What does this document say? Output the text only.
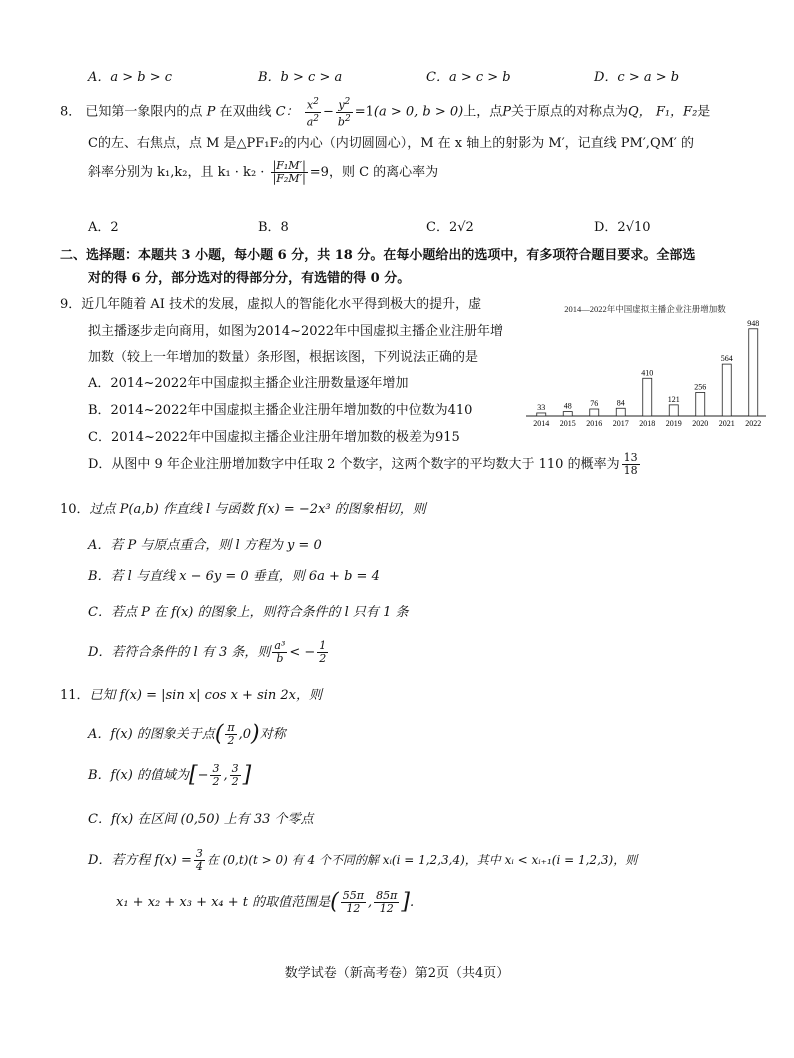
A．a > b > c	B．b > c > a	C．a > c > b	D．c > a > b
8． 已知第一象限内的点 P 在双曲线 C： $\frac{x^2}{a^2} - \frac{y^2}{b^2} =1(a > 0$, b > 0)上，点P关于原点的对称点为Q， F₁，F₂是
C的左、右焦点，点 M 是△PF₁F₂的内心（内切圆圆心），M 在 x 轴上的射影为 M′，记直线 PM′,QM′ 的
斜率分别为 k₁,k₂，且 $k_1 \cdot k_2 \cdot \frac{\text{|F₁M′|}}{\text{|F₂M′|}} =9$，则 C 的离心率为
A．2	B．8	C．2√2	D．2√10
二、选择题：本题共 3 小题，每小题 6 分，共 18 分。在每小题给出的选项中，有多项符合题目要求。全部选
对的得 6 分，部分选对的得部分分，有选错的得 0 分。
9．近几年随着 AI 技术的发展，虚拟人的智能化水平得到极大的提升，虚
拟主播逐步走向商用，如图为2014~2022年中国虚拟主播企业注册年增
加数（较上一年增加的数量）条形图，根据该图，下列说法正确的是
A．2014~2022年中国虚拟主播企业注册数量逐年增加
B．2014~2022年中国虚拟主播企业注册年增加数的中位数为410
C．2014~2022年中国虚拟主播企业注册年增加数的极差为915
D．从图中 9 年企业注册增加数字中任取 2 个数字，这两个数字的平均数大于 110 的概率为 $\frac{13}{18}$
2014—2022年中国虚拟主播企业注册增加数
33
2014
48
2015
76
2016
84
2017
410
2018
121
2019
256
2020
564
2021
948
2022
10．过点 P(a,b) 作直线 l 与函数 f(x) = −2x³ 的图象相切，则
A．若 P 与原点重合，则 l 方程为 y = 0
B．若 l 与直线 x − 6y = 0 垂直，则 6a + b = 4
C．若点 P 在 f(x) 的图象上，则符合条件的 l 只有 1 条
D．若符合条件的 l 有 3 条，则 $\frac{\text{a³}}{b}$ < − $\frac{1}{2}$
11．已知 f(x) = |sin x| cos x + sin 2x，则
A．f(x) 的图象关于点( $\frac{\pi}{2} ,0$)对称
B．f(x) 的值域为[− $\frac{3}{2}$ , $\frac{3}{2}$ ]
C．f(x) 在区间 (0,50) 上有 33 个零点
D．若方程 $f(x) = \frac{3}{4}$ 在 (0,t)(t > 0) 有 4 个不同的解 xᵢ(i = 1,2,3,4)，其中 xᵢ < xᵢ₊₁(i = 1,2,3)，则
x₁ + x₂ + x₃ + x₄ + t 的取值范围是( $\frac{55\pi}{12}$ , $\frac{85\pi}{12}$ ].
数学试卷（新高考卷）第2页（共4页）
